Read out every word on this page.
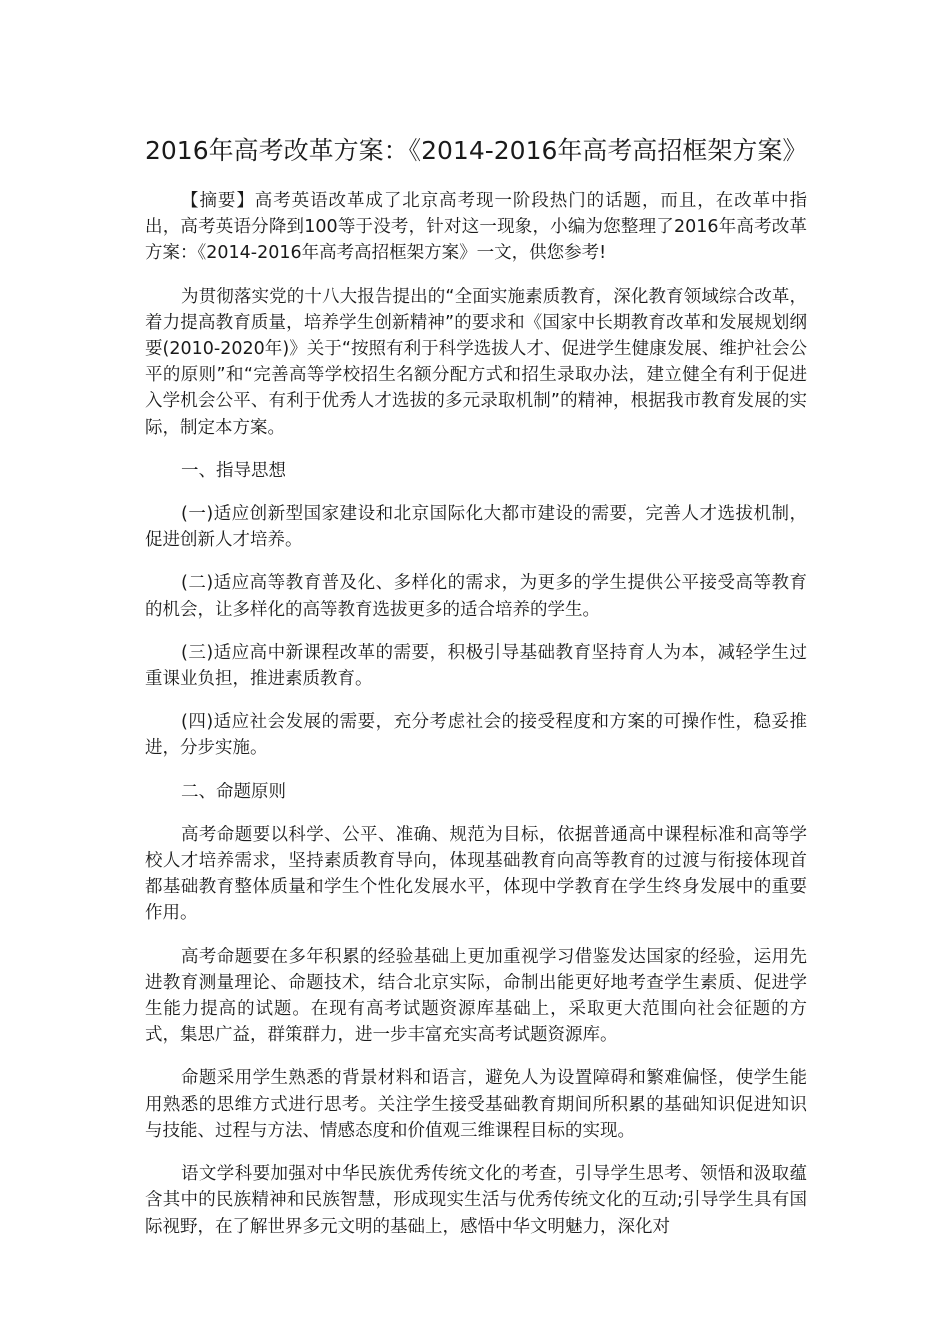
2016年高考改革方案：《2014-2016年高考高招框架方案》

【摘要】高考英语改革成了北京高考现一阶段热门的话题，而且，在改革中指出，高考英语分降到100等于没考，针对这一现象，小编为您整理了2016年高考改革方案：《2014-2016年高考高招框架方案》一文，供您参考!

为贯彻落实党的十八大报告提出的“全面实施素质教育，深化教育领域综合改革，着力提高教育质量，培养学生创新精神”的要求和《国家中长期教育改革和发展规划纲要(2010-2020年)》关于“按照有利于科学选拔人才、促进学生健康发展、维护社会公平的原则”和“完善高等学校招生名额分配方式和招生录取办法，建立健全有利于促进入学机会公平、有利于优秀人才选拔的多元录取机制”的精神，根据我市教育发展的实际，制定本方案。

一、指导思想

(一)适应创新型国家建设和北京国际化大都市建设的需要，完善人才选拔机制，促进创新人才培养。

(二)适应高等教育普及化、多样化的需求，为更多的学生提供公平接受高等教育的机会，让多样化的高等教育选拔更多的适合培养的学生。

(三)适应高中新课程改革的需要，积极引导基础教育坚持育人为本，减轻学生过重课业负担，推进素质教育。

(四)适应社会发展的需要，充分考虑社会的接受程度和方案的可操作性，稳妥推进，分步实施。

二、命题原则

高考命题要以科学、公平、准确、规范为目标，依据普通高中课程标准和高等学校人才培养需求，坚持素质教育导向，体现基础教育向高等教育的过渡与衔接体现首都基础教育整体质量和学生个性化发展水平，体现中学教育在学生终身发展中的重要作用。

高考命题要在多年积累的经验基础上更加重视学习借鉴发达国家的经验，运用先进教育测量理论、命题技术，结合北京实际，命制出能更好地考查学生素质、促进学生能力提高的试题。在现有高考试题资源库基础上，采取更大范围向社会征题的方式，集思广益，群策群力，进一步丰富充实高考试题资源库。

命题采用学生熟悉的背景材料和语言，避免人为设置障碍和繁难偏怪，使学生能用熟悉的思维方式进行思考。关注学生接受基础教育期间所积累的基础知识促进知识与技能、过程与方法、情感态度和价值观三维课程目标的实现。

语文学科要加强对中华民族优秀传统文化的考查，引导学生思考、领悟和汲取蕴含其中的民族精神和民族智慧，形成现实生活与优秀传统文化的互动;引导学生具有国际视野，在了解世界多元文明的基础上，感悟中华文明魅力，深化对
